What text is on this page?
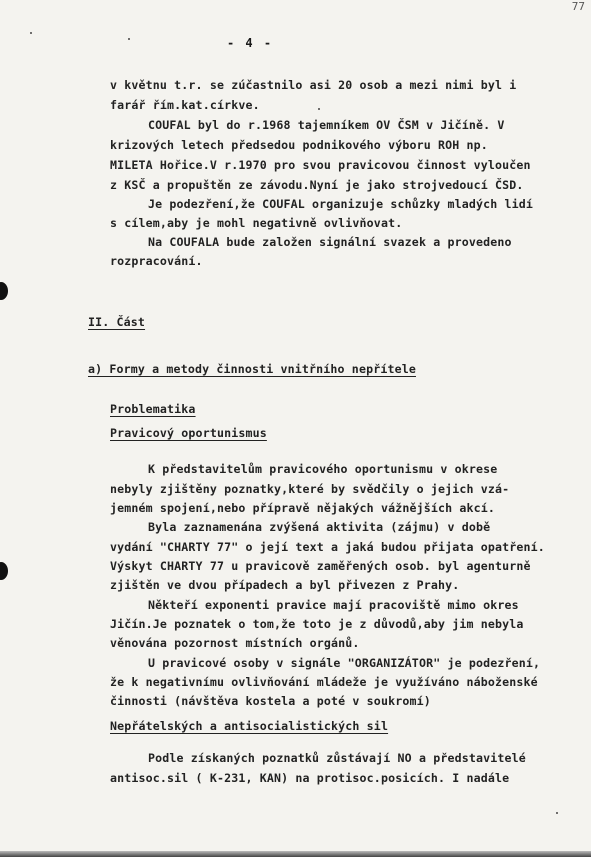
77
- 4 -
v květnu t.r. se zúčastnilo asi 20 osob a mezi nimi byl i
farář řím.kat.církve.
COUFAL byl do r.1968 tajemníkem OV ČSM v Jičíně. V
krizových letech předsedou podnikového výboru ROH np.
MILETA Hořice.V r.1970 pro svou pravicovou činnost vyloučen
z KSČ a propuštěn ze závodu.Nyní je jako strojvedoucí ČSD.
Je podezření,že COUFAL organizuje schůzky mladých lidí
s cílem,aby je mohl negativně ovlivňovat.
Na COUFALA bude založen signální svazek a provedeno
rozpracování.
II. Část
a) Formy a metody činnosti vnitřního nepřítele
Problematika
Pravicový oportunismus
K představitelům pravicového oportunismu v okrese
nebyly zjištěny poznatky,které by svědčily o jejich vzá-
jemném spojení,nebo přípravě nějakých vážnějších akcí.
Byla zaznamenána zvýšená aktivita (zájmu) v době
vydání "CHARTY 77" o její text a jaká budou přijata opatření.
Výskyt CHARTY 77 u pravicově zaměřených osob. byl agenturně
zjištěn ve dvou případech a byl přivezen z Prahy.
Někteří exponenti pravice mají pracoviště mimo okres
Jičín.Je poznatek o tom,že toto je z důvodů,aby jim nebyla
věnována pozornost místních orgánů.
U pravicové osoby v signále "ORGANIZÁTOR" je podezření,
že k negativnímu ovlivňování mládeže je využíváno náboženské
činnosti (návštěva kostela a poté v soukromí)
Nepřátelských a antisocialistických sil
Podle získaných poznatků zůstávají NO a představitelé
antisoc.sil ( K-231, KAN) na protisoc.posicích. I nadále
